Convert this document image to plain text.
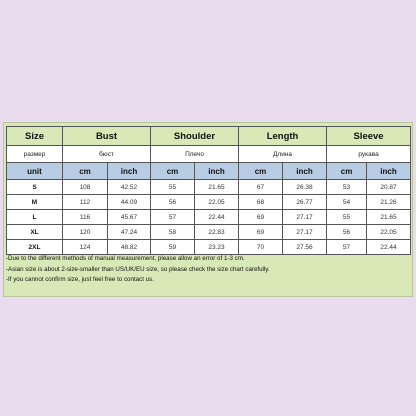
Size	Bust		Shoulder		Length		Sleeve	
размер	бюст		Плечо		Длина		рукава	
unit	cm	inch	cm	inch	cm	inch	cm	inch
S	108	42.52	55	21.65	67	26.38	53	20.87
M	112	44.09	56	22.05	68	26.77	54	21.26
L	116	45.67	57	22.44	69	27.17	55	21.65
XL	120	47.24	58	22.83	69	27.17	56	22.05
2XL	124	48.82	59	23.23	70	27.56	57	22.44

-Due to the different methods of manual measurement, please allow an error of 1-3 cm.

-Asian size is about 2-size-smaller than US/UK/EU size, so please check the size chart carefully.

-If you cannot confirm size, just feel free to contact us.
